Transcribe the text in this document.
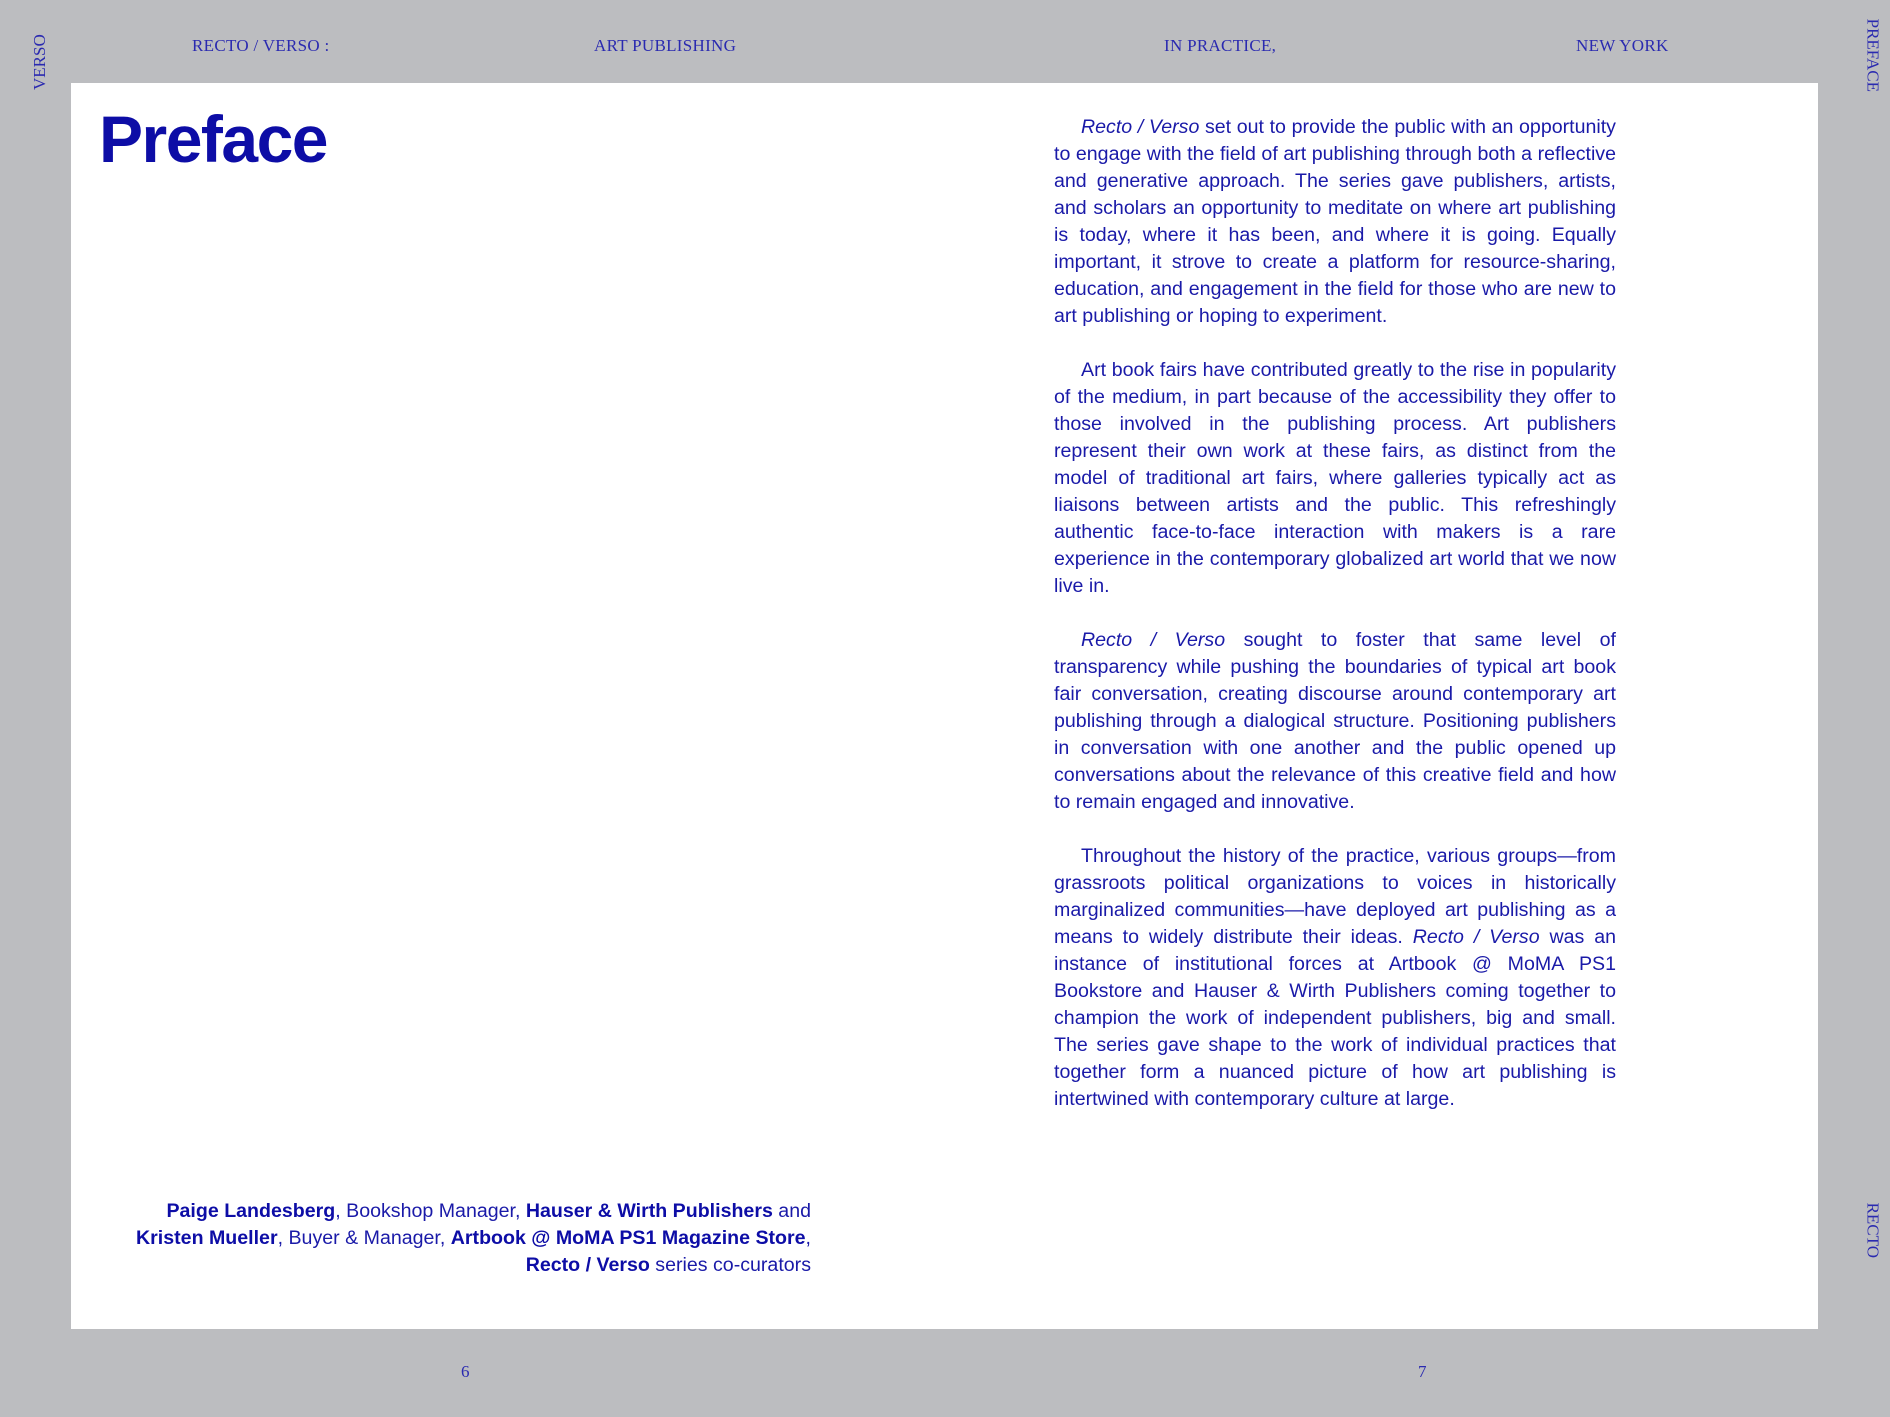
RECTO / VERSO :	ART PUBLISHING	IN PRACTICE,	NEW YORK
VERSO	PREFACE
RECTO
Preface	Recto / Verso set out to provide the public with an opportunity to engage with the field of art publishing through both a reflective and generative approach. The series gave publishers, artists, and scholars an opportunity to meditate on where art publishing is today, where it has been, and where it is going. Equally important, it strove to create a platform for resource-sharing, education, and engagement in the field for those who are new to art publishing or hoping to experiment.

Art book fairs have contributed greatly to the rise in popularity of the medium, in part because of the accessibility they offer to those involved in the publishing process. Art publishers represent their own work at these fairs, as distinct from the model of traditional art fairs, where galleries typically act as liaisons between artists and the public. This refreshingly authentic face-to-face interaction with makers is a rare experience in the contemporary globalized art world that we now live in.

Recto / Verso sought to foster that same level of transparency while pushing the boundaries of typical art book fair conversation, creating discourse around contemporary art publishing through a dialogical structure. Positioning publishers in conversation with one another and the public opened up conversations about the relevance of this creative field and how to remain engaged and innovative.

Throughout the history of the practice, various groups—from grassroots political organizations to voices in historically marginalized communities—have deployed art publishing as a means to widely distribute their ideas. Recto / Verso was an instance of institutional forces at Artbook @ MoMA PS1 Bookstore and Hauser & Wirth Publishers coming together to champion the work of independent publishers, big and small. The series gave shape to the work of individual practices that together form a nuanced picture of how art publishing is intertwined with contemporary culture at large.

Paige Landesberg, Bookshop Manager, Hauser & Wirth Publishers and
Kristen Mueller, Buyer & Manager, Artbook @ MoMA PS1 Magazine Store,
Recto / Verso series co-curators
6	7
